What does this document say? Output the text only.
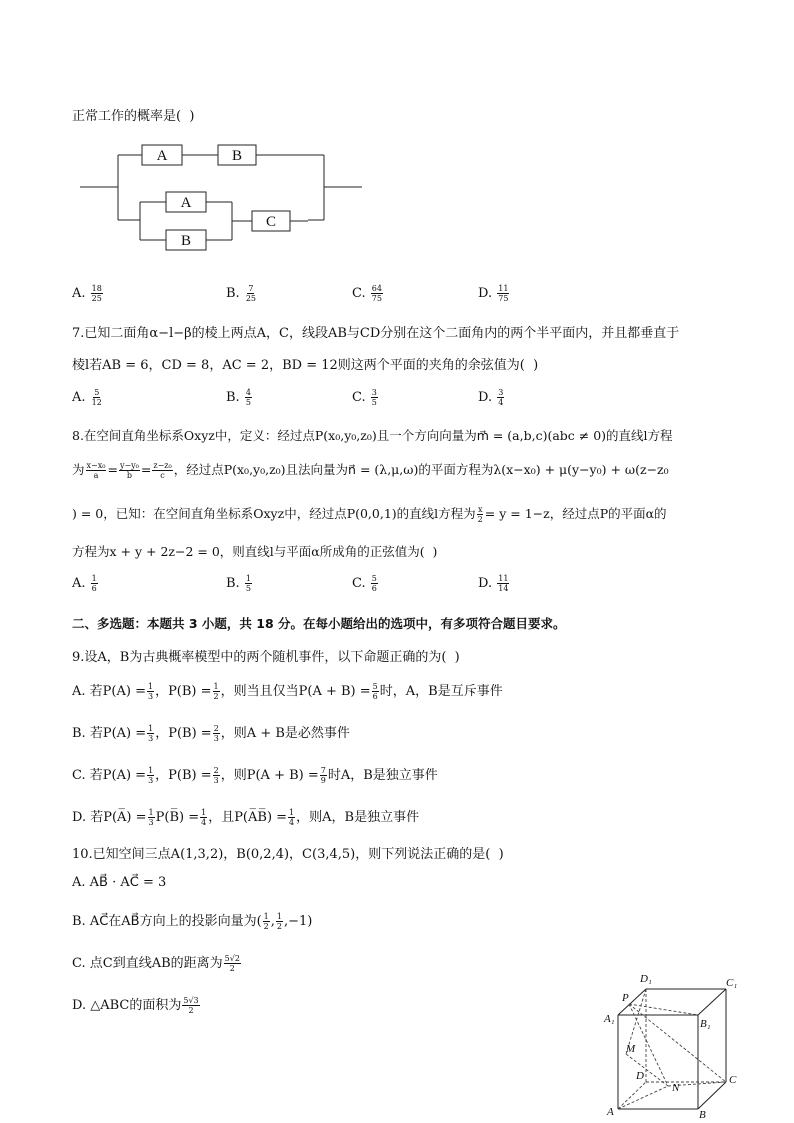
正常工作的概率是(  )
A	B
A
B
C
A. $\frac{18}{25}$	B. $\frac{7}{25}$	C. $\frac{64}{75}$	D. $\frac{11}{75}$
7.已知二面角α−l−β的棱上两点A，C，线段AB与CD分别在这个二面角内的两个半平面内，并且都垂直于
棱l若AB = 6，CD = 8，AC = 2，BD = 12则这两个平面的夹角的余弦值为(  )
A. $\frac{5}{12}$	B. $\frac{4}{5}$	C. $\frac{3}{5}$	D. $\frac{3}{4}$
8.在空间直角坐标系Oxyz中，定义：经过点P(x₀,y₀,z₀)且一个方向向量为m⃗ = (a,b,c)(abc ≠ 0)的直线l方程
为 $\frac{\text{x−x₀}}{a} = \frac{\text{y−y₀}}{b} = \frac{\text{z−z₀}}{c}$ ，经过点P(x₀,y₀,z₀)且法向量为n⃗ = (λ,μ,ω)的平面方程为λ(x−x₀) + μ(y−y₀) + ω(z−z₀
) = 0，已知：在空间直角坐标系Oxyz中，经过点P(0,0,1)的直线l方程为 $\frac{x}{2} = y = 1-z$，经过点P的平面α的
方程为x + y + 2z−2 = 0，则直线l与平面α所成角的正弦值为(  )
A. $\frac{1}{6}$	B. $\frac{1}{5}$	C. $\frac{5}{6}$	D. $\frac{11}{14}$
二、多选题：本题共 3 小题，共 18 分。在每小题给出的选项中，有多项符合题目要求。
9.设A，B为古典概率模型中的两个随机事件，以下命题正确的为(  )
A. 若$P(A) = \frac{1}{3}$ ，$P(B) = \frac{1}{2}$ ，则当且仅当$P(A + B) = \frac{5}{6}$ 时，A，B是互斥事件
B. 若$P(A) = \frac{1}{3}$ ，$P(B) = \frac{2}{3}$ ，则A + B是必然事件
C. 若$P(A) = \frac{1}{3}$ ，$P(B) = \frac{2}{3}$ ，则$P(A + B) = \frac{7}{9}$ 时A，B是独立事件
D. 若P(A̅) = $\frac{1}{3}$ P(B̅) = $\frac{1}{4}$ ，且P(A̅B̅) = $\frac{1}{4}$ ，则A，B是独立事件
10.已知空间三点A(1,3,2)，B(0,2,4)，C(3,4,5)，则下列说法正确的是(  )
A. AB⃗ · AC⃗ = 3
B. AC⃗在AB⃗方向上的投影向量为( $\frac{1}{2}$ , $\frac{1}{2} ,-1$)
C. 点C到直线AB的距离为 $\frac{5√2}{2}$
D. △ABC的面积为 $\frac{5√3}{2}$
D₁	C₁
P
A₁	B₁
M
D
N
C
A	B
